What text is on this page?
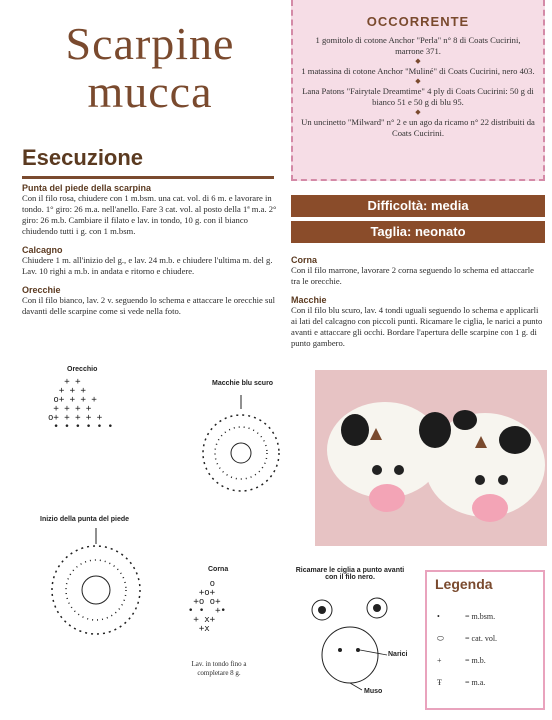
Scarpine
mucca
Esecuzione
Punta del piede della scarpina
Con il filo rosa, chiudere con 1 m.bsm. una cat. vol. di 6 m. e lavorare in tondo. 1° giro: 26 m.a. nell'anello. Fare 3 cat. vol. al posto della 1ª m.a. 2° giro: 26 m.b. Cambiare il filato e lav. in tondo, 10 g. con il bianco chiudendo tutti i g. con 1 m.bsm.
Calcagno
Chiudere 1 m. all'inizio del g., e lav. 24 m.b. e chiudere l'ultima m. del g. Lav. 10 righi a m.b. in andata e ritorno e chiudere.
Orecchie
Con il filo bianco, lav. 2 v. seguendo lo schema e attaccare le orecchie sul davanti delle scarpine come si vede nella foto.
OCCORRENTE
1 gomitolo di cotone Anchor "Perla" n° 8 di Coats Cucirini, marrone 371.
◆
1 matassina di cotone Anchor "Muliné" di Coats Cucirini, nero 403.
◆
Lana Patons "Fairytale Dreamtime" 4 ply di Coats Cucirini: 50 g di bianco 51 e 50 g di blu 95.
◆
Un uncinetto "Milward" n° 2 e un ago da ricamo n° 22 distribuiti da Coats Cucirini.
Difficoltà: media
Taglia: neonato
Corna
Con il filo marrone, lavorare 2 corna seguendo lo schema ed attaccarle tra le orecchie.
Macchie
Con il filo blu scuro, lav. 4 tondi uguali seguendo lo schema e applicarli ai lati del calcagno con piccoli punti. Ricamare le ciglia, le narici a punto avanti e attaccare gli occhi. Bordare l'apertura delle scarpine con 1 g. di punto gambero.
Orecchio
+ +
+ + +
o+ + + +
+ + + +
o+ + + + +
• • • • • •
Macchie blu scuro
Inizio della punta del piede
Corna
o
+o+
+o o+
• •  +•
+ x+
+x
Lav. in tondo fino a completare 8 g.
Ricamare le ciglia a punto avanti con il filo nero.
Narici
Muso
Legenda
•	= m.bsm.
⬭	= cat. vol.
+	= m.b.
Ŧ	= m.a.
